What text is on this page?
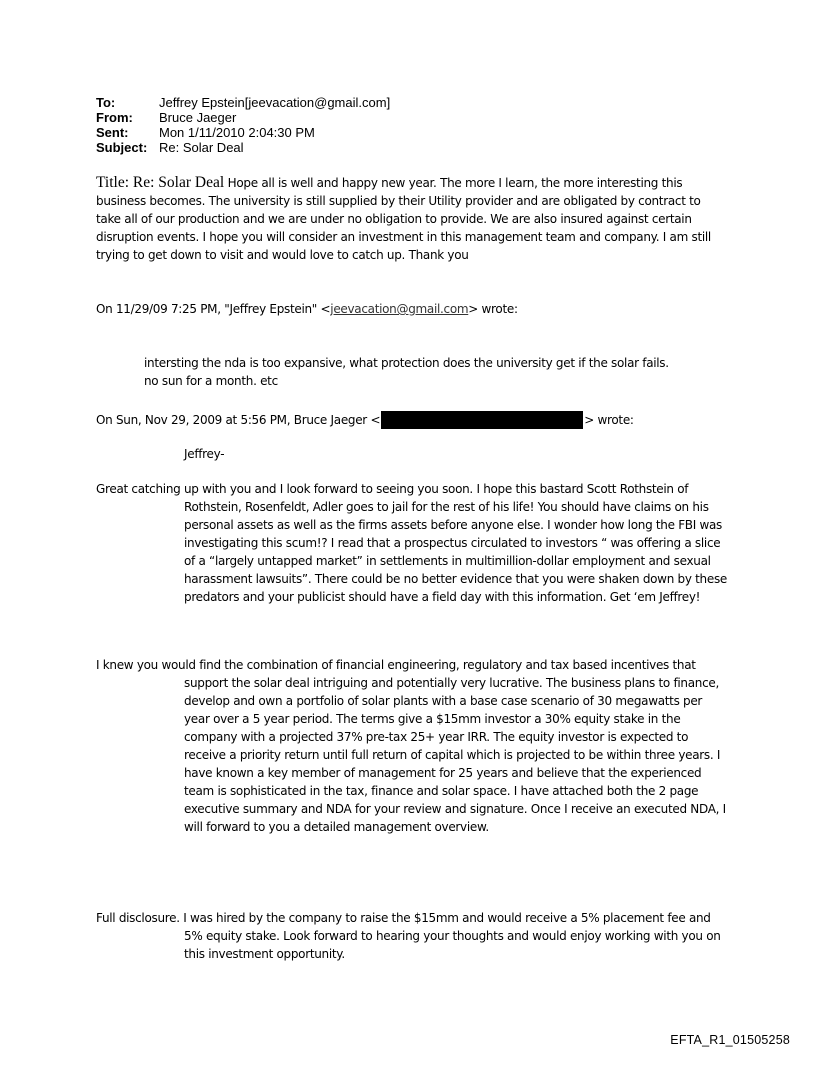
To:	Jeffrey Epstein[jeevacation@gmail.com]
From:	Bruce Jaeger
Sent:	Mon 1/11/2010 2:04:30 PM
Subject: Re: Solar Deal

Title: Re: Solar Deal Hope all is well and happy new year. The more I learn, the more interesting this business becomes. The university is still supplied by their Utility provider and are obligated by contract to take all of our production and we are under no obligation to provide. We are also insured against certain disruption events. I hope you will consider an investment in this management team and company. I am still trying to get down to visit and would love to catch up. Thank you

On 11/29/09 7:25 PM, "Jeffrey Epstein" <jeevacation@gmail.com> wrote:

intersting the nda is too expansive, what protection does the university get if the solar fails. no sun for a month. etc

On Sun, Nov 29, 2009 at 5:56 PM, Bruce Jaeger <	> wrote:

Jeffrey-

Great catching up with you and I look forward to seeing you soon. I hope this bastard Scott Rothstein of Rothstein, Rosenfeldt, Adler goes to jail for the rest of his life! You should have claims on his personal assets as well as the firms assets before anyone else. I wonder how long the FBI was investigating this scum!? I read that a prospectus circulated to investors “ was offering a slice of a “largely untapped market” in settlements in multimillion-dollar employment and sexual harassment lawsuits”. There could be no better evidence that you were shaken down by these predators and your publicist should have a field day with this information. Get ‘em Jeffrey!

I knew you would find the combination of financial engineering, regulatory and tax based incentives that support the solar deal intriguing and potentially very lucrative. The business plans to finance, develop and own a portfolio of solar plants with a base case scenario of 30 megawatts per year over a 5 year period. The terms give a $15mm investor a 30% equity stake in the company with a projected 37% pre-tax 25+ year IRR. The equity investor is expected to receive a priority return until full return of capital which is projected to be within three years. I have known a key member of management for 25 years and believe that the experienced team is sophisticated in the tax, finance and solar space. I have attached both the 2 page executive summary and NDA for your review and signature. Once I receive an executed NDA, I will forward to you a detailed management overview.

Full disclosure. I was hired by the company to raise the $15mm and would receive a 5% placement fee and 5% equity stake. Look forward to hearing your thoughts and would enjoy working with you on this investment opportunity.

EFTA_R1_01505258
